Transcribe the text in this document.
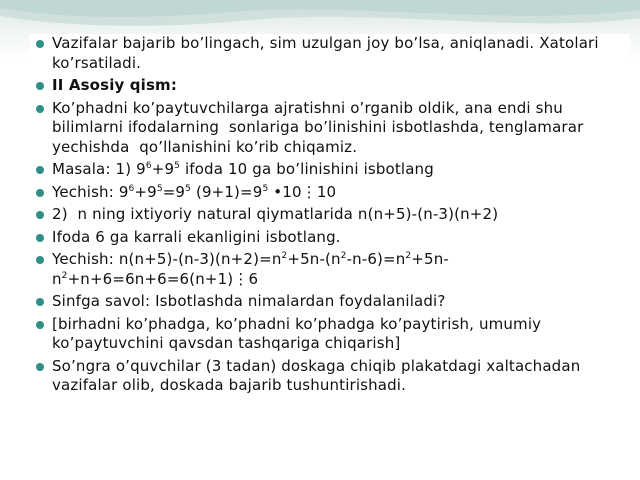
Vazifalar bajarib bo’lingach, sim uzulgan joy bo’lsa, aniqlanadi. Xatolari ko’rsatiladi.
II Asosiy qism:
Ko’phadni ko’paytuvchilarga ajratishni o’rganib oldik, ana endi shu bilimlarni ifodalarning  sonlariga bo’linishini isbotlashda, tenglamarar  yechishda  qo’llanishini ko’rib chiqamiz.
Masala: 1) $9^6+9^5$ ifoda 10 ga bo’linishini isbotlang
Yechish: $9^6+9^5=9^5$ $(9+1)=9^5$ •10⋮10
2)  n ning ixtiyoriy natural qiymatlarida n(n+5)-(n-3)(n+2)
Ifoda 6 ga karrali ekanligini isbotlang.
Yechish: $n(n+5)-(n-3)(n+2)=n^2+5n-(n^2-n-6)=n^2+5n-n^2+n+6=6n+6=6(n+1)⋮6$
Sinfga savol: Isbotlashda nimalardan foydalaniladi?
[birhadni ko’phadga, ko’phadni ko’phadga ko’paytirish, umumiy ko’paytuvchini qavsdan tashqariga chiqarish]
So’ngra o’quvchilar (3 tadan) doskaga chiqib plakatdagi xaltachadan vazifalar olib, doskada bajarib tushuntirishadi.
